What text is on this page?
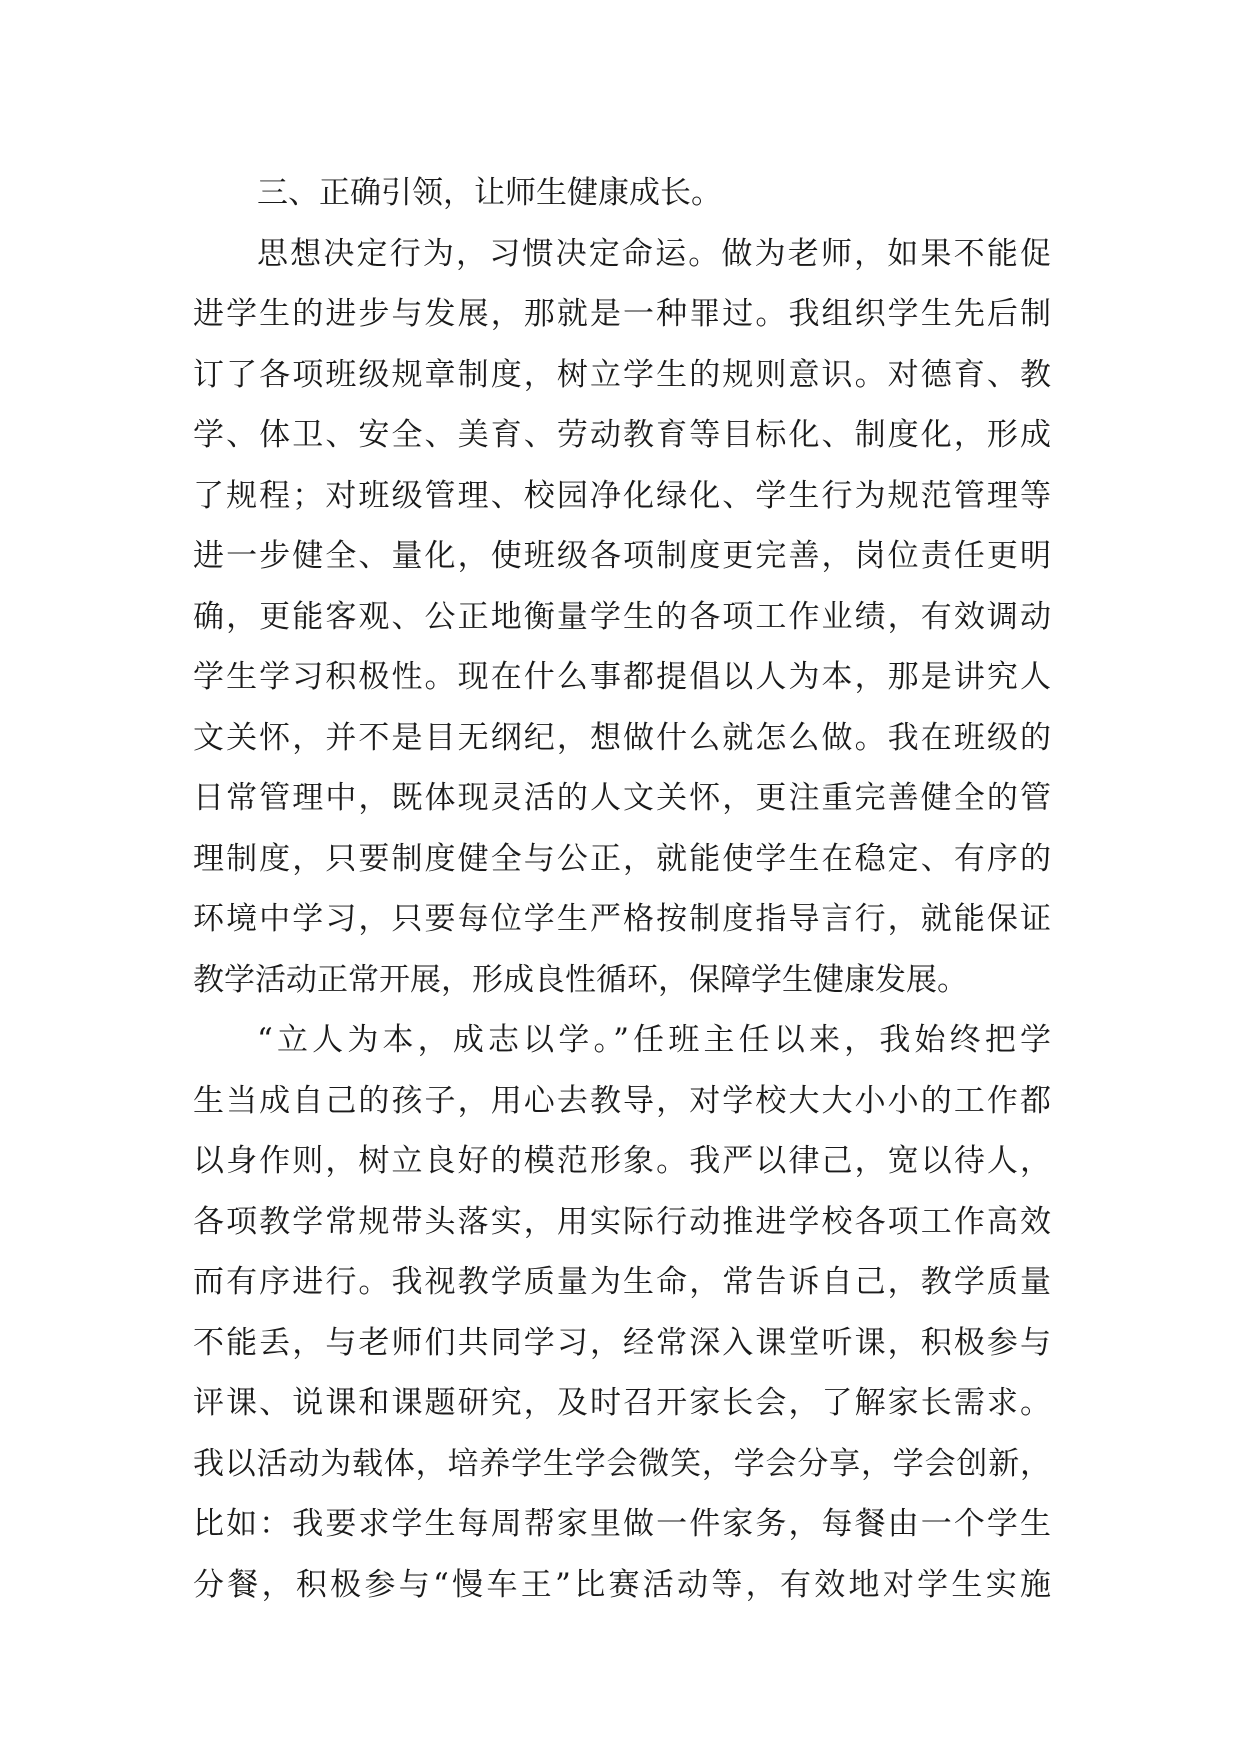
三、正确引领，让师生健康成长。
思想决定行为，习惯决定命运。做为老师，如果不能促
进学生的进步与发展，那就是一种罪过。我组织学生先后制
订了各项班级规章制度，树立学生的规则意识。对德育、教
学、体卫、安全、美育、劳动教育等目标化、制度化，形成
了规程；对班级管理、校园净化绿化、学生行为规范管理等
进一步健全、量化，使班级各项制度更完善，岗位责任更明
确，更能客观、公正地衡量学生的各项工作业绩，有效调动
学生学习积极性。现在什么事都提倡以人为本，那是讲究人
文关怀，并不是目无纲纪，想做什么就怎么做。我在班级的
日常管理中，既体现灵活的人文关怀，更注重完善健全的管
理制度，只要制度健全与公正，就能使学生在稳定、有序的
环境中学习，只要每位学生严格按制度指导言行，就能保证
教学活动正常开展，形成良性循环，保障学生健康发展。
“立人为本，成志以学。”任班主任以来，我始终把学
生当成自己的孩子，用心去教导，对学校大大小小的工作都
以身作则，树立良好的模范形象。我严以律己，宽以待人，
各项教学常规带头落实，用实际行动推进学校各项工作高效
而有序进行。我视教学质量为生命，常告诉自己，教学质量
不能丢，与老师们共同学习，经常深入课堂听课，积极参与
评课、说课和课题研究，及时召开家长会，了解家长需求。
我以活动为载体，培养学生学会微笑，学会分享，学会创新，
比如：我要求学生每周帮家里做一件家务，每餐由一个学生
分餐，积极参与“慢车王”比赛活动等，有效地对学生实施
